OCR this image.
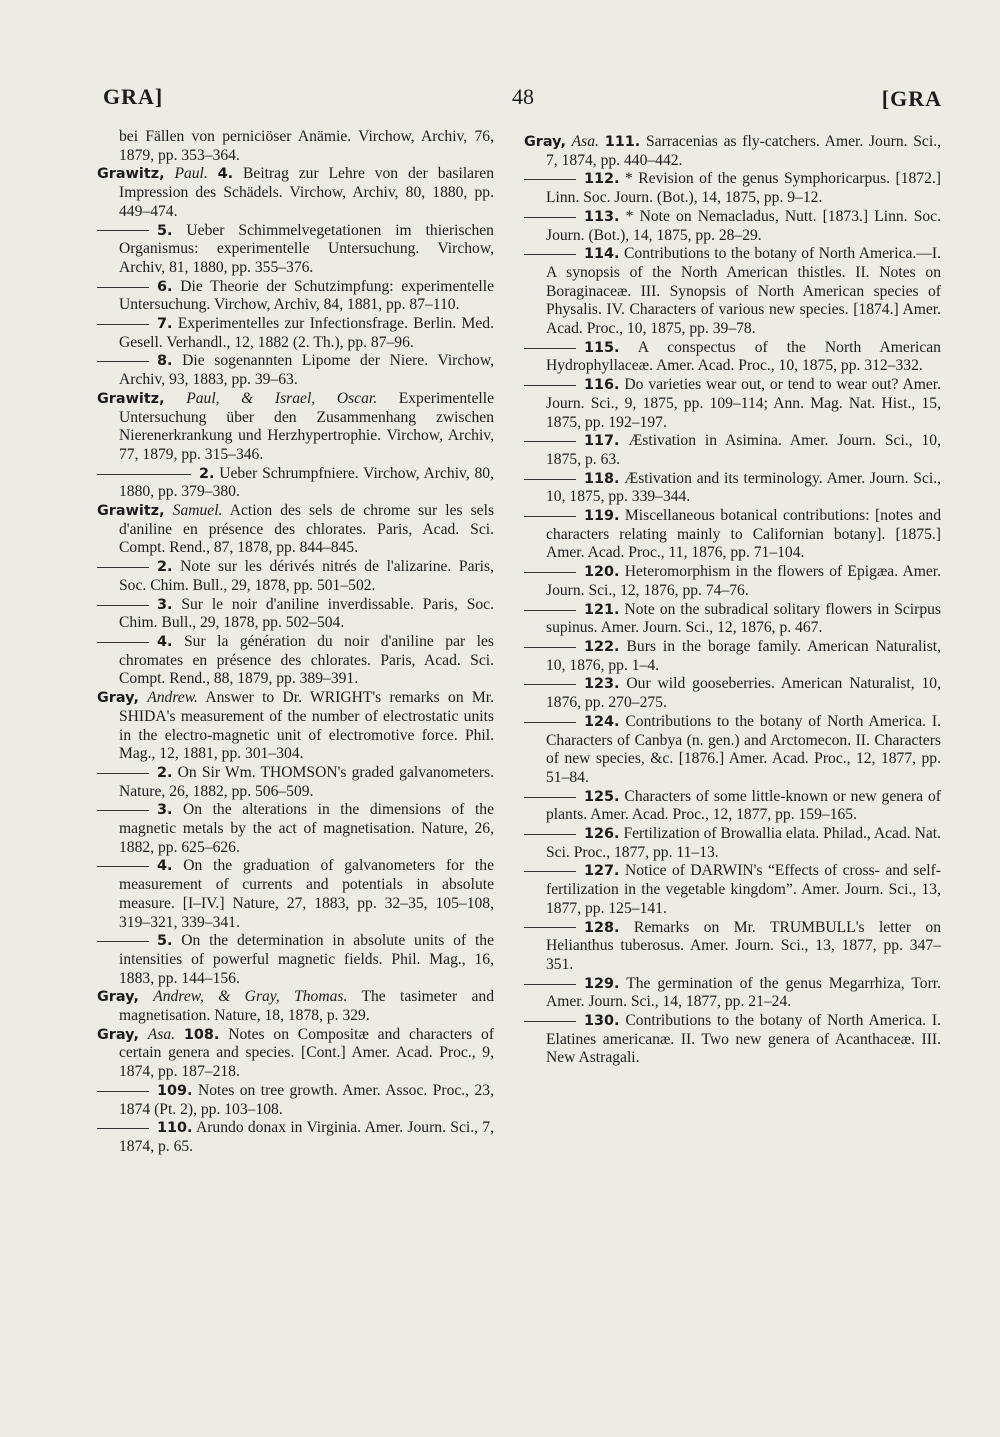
GRA]	48	[GRA

bei Fällen von perniciöser Anämie. Virchow, Archiv, 76, 1879, pp. 353–364.

Grawitz, Paul. 4. Beitrag zur Lehre von der basilaren Impression des Schädels. Virchow, Archiv, 80, 1880, pp. 449–474.

5. Ueber Schimmelvegetationen im thierischen Organismus: experimentelle Untersuchung. Virchow, Archiv, 81, 1880, pp. 355–376.

6. Die Theorie der Schutzimpfung: experimentelle Untersuchung. Virchow, Archiv, 84, 1881, pp. 87–110.

7. Experimentelles zur Infectionsfrage. Berlin. Med. Gesell. Verhandl., 12, 1882 (2. Th.), pp. 87–96.

8. Die sogenannten Lipome der Niere. Virchow, Archiv, 93, 1883, pp. 39–63.

Grawitz, Paul, & Israel, Oscar. Experimentelle Untersuchung über den Zusammenhang zwischen Nierenerkrankung und Herzhypertrophie. Virchow, Archiv, 77, 1879, pp. 315–346.

2. Ueber Schrumpfniere. Virchow, Archiv, 80, 1880, pp. 379–380.

Grawitz, Samuel. Action des sels de chrome sur les sels d'aniline en présence des chlorates. Paris, Acad. Sci. Compt. Rend., 87, 1878, pp. 844–845.

2. Note sur les dérivés nitrés de l'alizarine. Paris, Soc. Chim. Bull., 29, 1878, pp. 501–502.

3. Sur le noir d'aniline inverdissable. Paris, Soc. Chim. Bull., 29, 1878, pp. 502–504.

4. Sur la génération du noir d'aniline par les chromates en présence des chlorates. Paris, Acad. Sci. Compt. Rend., 88, 1879, pp. 389–391.

Gray, Andrew. Answer to Dr. WRIGHT's remarks on Mr. SHIDA's measurement of the number of electrostatic units in the electro-magnetic unit of electromotive force. Phil. Mag., 12, 1881, pp. 301–304.

2. On Sir Wm. THOMSON's graded galvanometers. Nature, 26, 1882, pp. 506–509.

3. On the alterations in the dimensions of the magnetic metals by the act of magnetisation. Nature, 26, 1882, pp. 625–626.

4. On the graduation of galvanometers for the measurement of currents and potentials in absolute measure. [I–IV.] Nature, 27, 1883, pp. 32–35, 105–108, 319–321, 339–341.

5. On the determination in absolute units of the intensities of powerful magnetic fields. Phil. Mag., 16, 1883, pp. 144–156.

Gray, Andrew, & Gray, Thomas. The tasimeter and magnetisation. Nature, 18, 1878, p. 329.

Gray, Asa. 108. Notes on Compositæ and characters of certain genera and species. [Cont.] Amer. Acad. Proc., 9, 1874, pp. 187–218.

109. Notes on tree growth. Amer. Assoc. Proc., 23, 1874 (Pt. 2), pp. 103–108.

110. Arundo donax in Virginia. Amer. Journ. Sci., 7, 1874, p. 65.

Gray, Asa. 111. Sarracenias as fly-catchers. Amer. Journ. Sci., 7, 1874, pp. 440–442.

112. * Revision of the genus Symphoricarpus. [1872.] Linn. Soc. Journ. (Bot.), 14, 1875, pp. 9–12.

113. * Note on Nemacladus, Nutt. [1873.] Linn. Soc. Journ. (Bot.), 14, 1875, pp. 28–29.

114. Contributions to the botany of North America.—I. A synopsis of the North American thistles. II. Notes on Boraginaceæ. III. Synopsis of North American species of Physalis. IV. Characters of various new species. [1874.] Amer. Acad. Proc., 10, 1875, pp. 39–78.

115. A conspectus of the North American Hydrophyllaceæ. Amer. Acad. Proc., 10, 1875, pp. 312–332.

116. Do varieties wear out, or tend to wear out? Amer. Journ. Sci., 9, 1875, pp. 109–114; Ann. Mag. Nat. Hist., 15, 1875, pp. 192–197.

117. Æstivation in Asimina. Amer. Journ. Sci., 10, 1875, p. 63.

118. Æstivation and its terminology. Amer. Journ. Sci., 10, 1875, pp. 339–344.

119. Miscellaneous botanical contributions: [notes and characters relating mainly to Californian botany]. [1875.] Amer. Acad. Proc., 11, 1876, pp. 71–104.

120. Heteromorphism in the flowers of Epigæa. Amer. Journ. Sci., 12, 1876, pp. 74–76.

121. Note on the subradical solitary flowers in Scirpus supinus. Amer. Journ. Sci., 12, 1876, p. 467.

122. Burs in the borage family. American Naturalist, 10, 1876, pp. 1–4.

123. Our wild gooseberries. American Naturalist, 10, 1876, pp. 270–275.

124. Contributions to the botany of North America. I. Characters of Canbya (n. gen.) and Arctomecon. II. Characters of new species, &c. [1876.] Amer. Acad. Proc., 12, 1877, pp. 51–84.

125. Characters of some little-known or new genera of plants. Amer. Acad. Proc., 12, 1877, pp. 159–165.

126. Fertilization of Browallia elata. Philad., Acad. Nat. Sci. Proc., 1877, pp. 11–13.

127. Notice of DARWIN's “Effects of cross- and self-fertilization in the vegetable kingdom”. Amer. Journ. Sci., 13, 1877, pp. 125–141.

128. Remarks on Mr. TRUMBULL's letter on Helianthus tuberosus. Amer. Journ. Sci., 13, 1877, pp. 347–351.

129. The germination of the genus Megarrhiza, Torr. Amer. Journ. Sci., 14, 1877, pp. 21–24.

130. Contributions to the botany of North America. I. Elatines americanæ. II. Two new genera of Acanthaceæ. III. New Astragali.
